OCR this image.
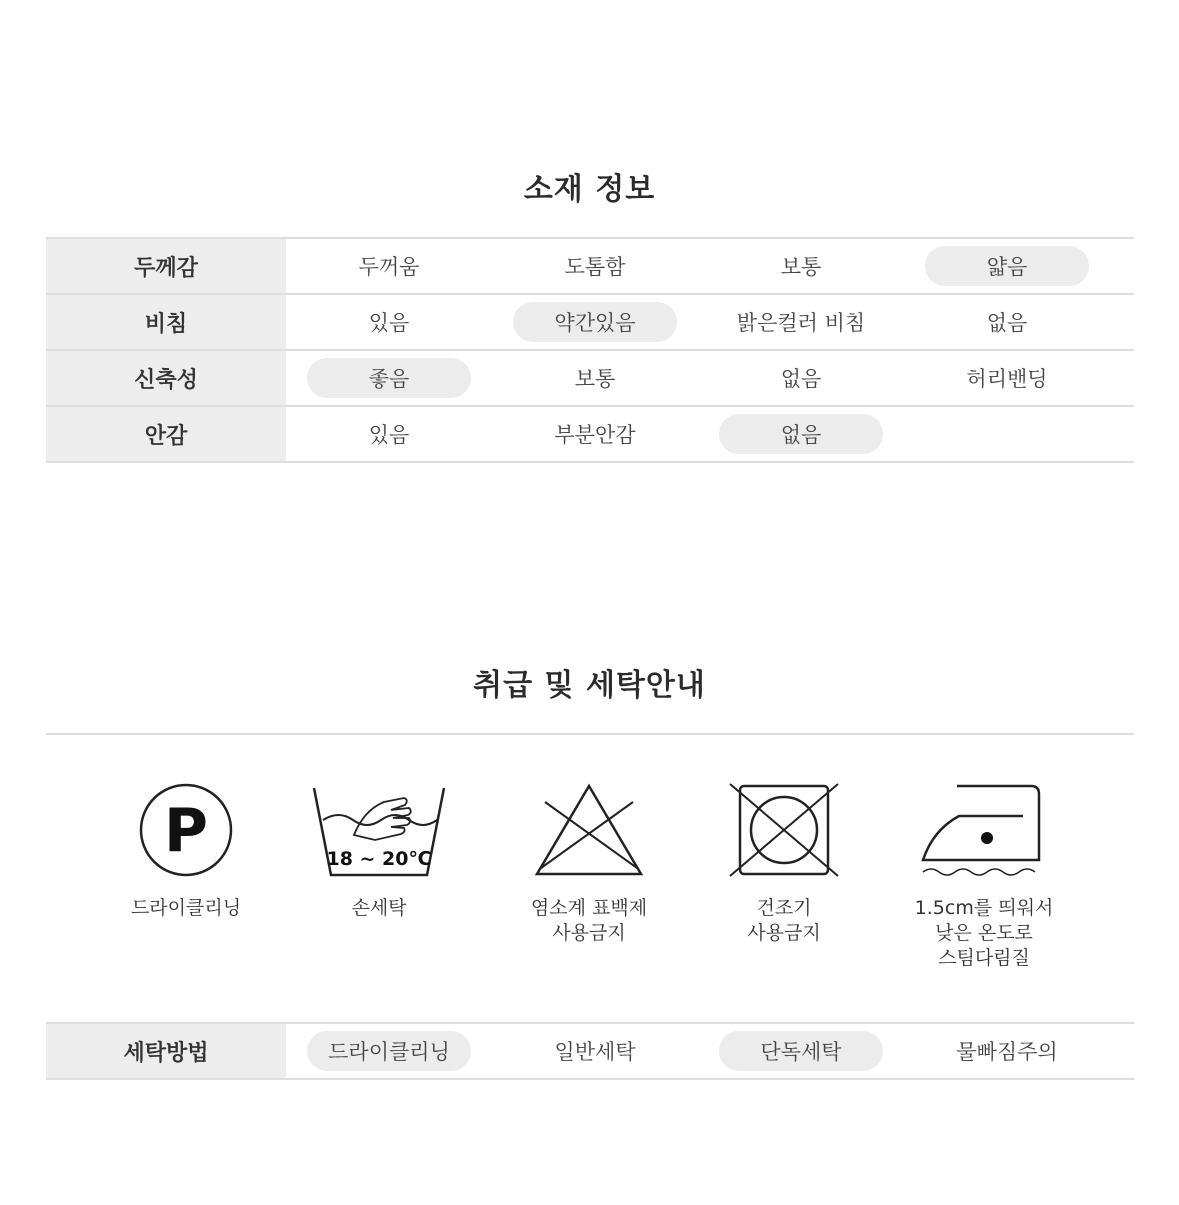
소재 정보
두께감	두꺼움	도톰함	보통	얇음
비침	있음	약간있음	밝은컬러 비침	없음
신축성	좋음	보통	없음	허리밴딩
안감	있음	부분안감	없음
취급 및 세탁안내
P
드라이클리닝
18 ~ 20℃
손세탁	염소계 표백제
사용금지
건조기
사용금지
1.5cm를 띄워서
낮은 온도로
스팀다림질
세탁방법	드라이클리닝	일반세탁	단독세탁	물빠짐주의
